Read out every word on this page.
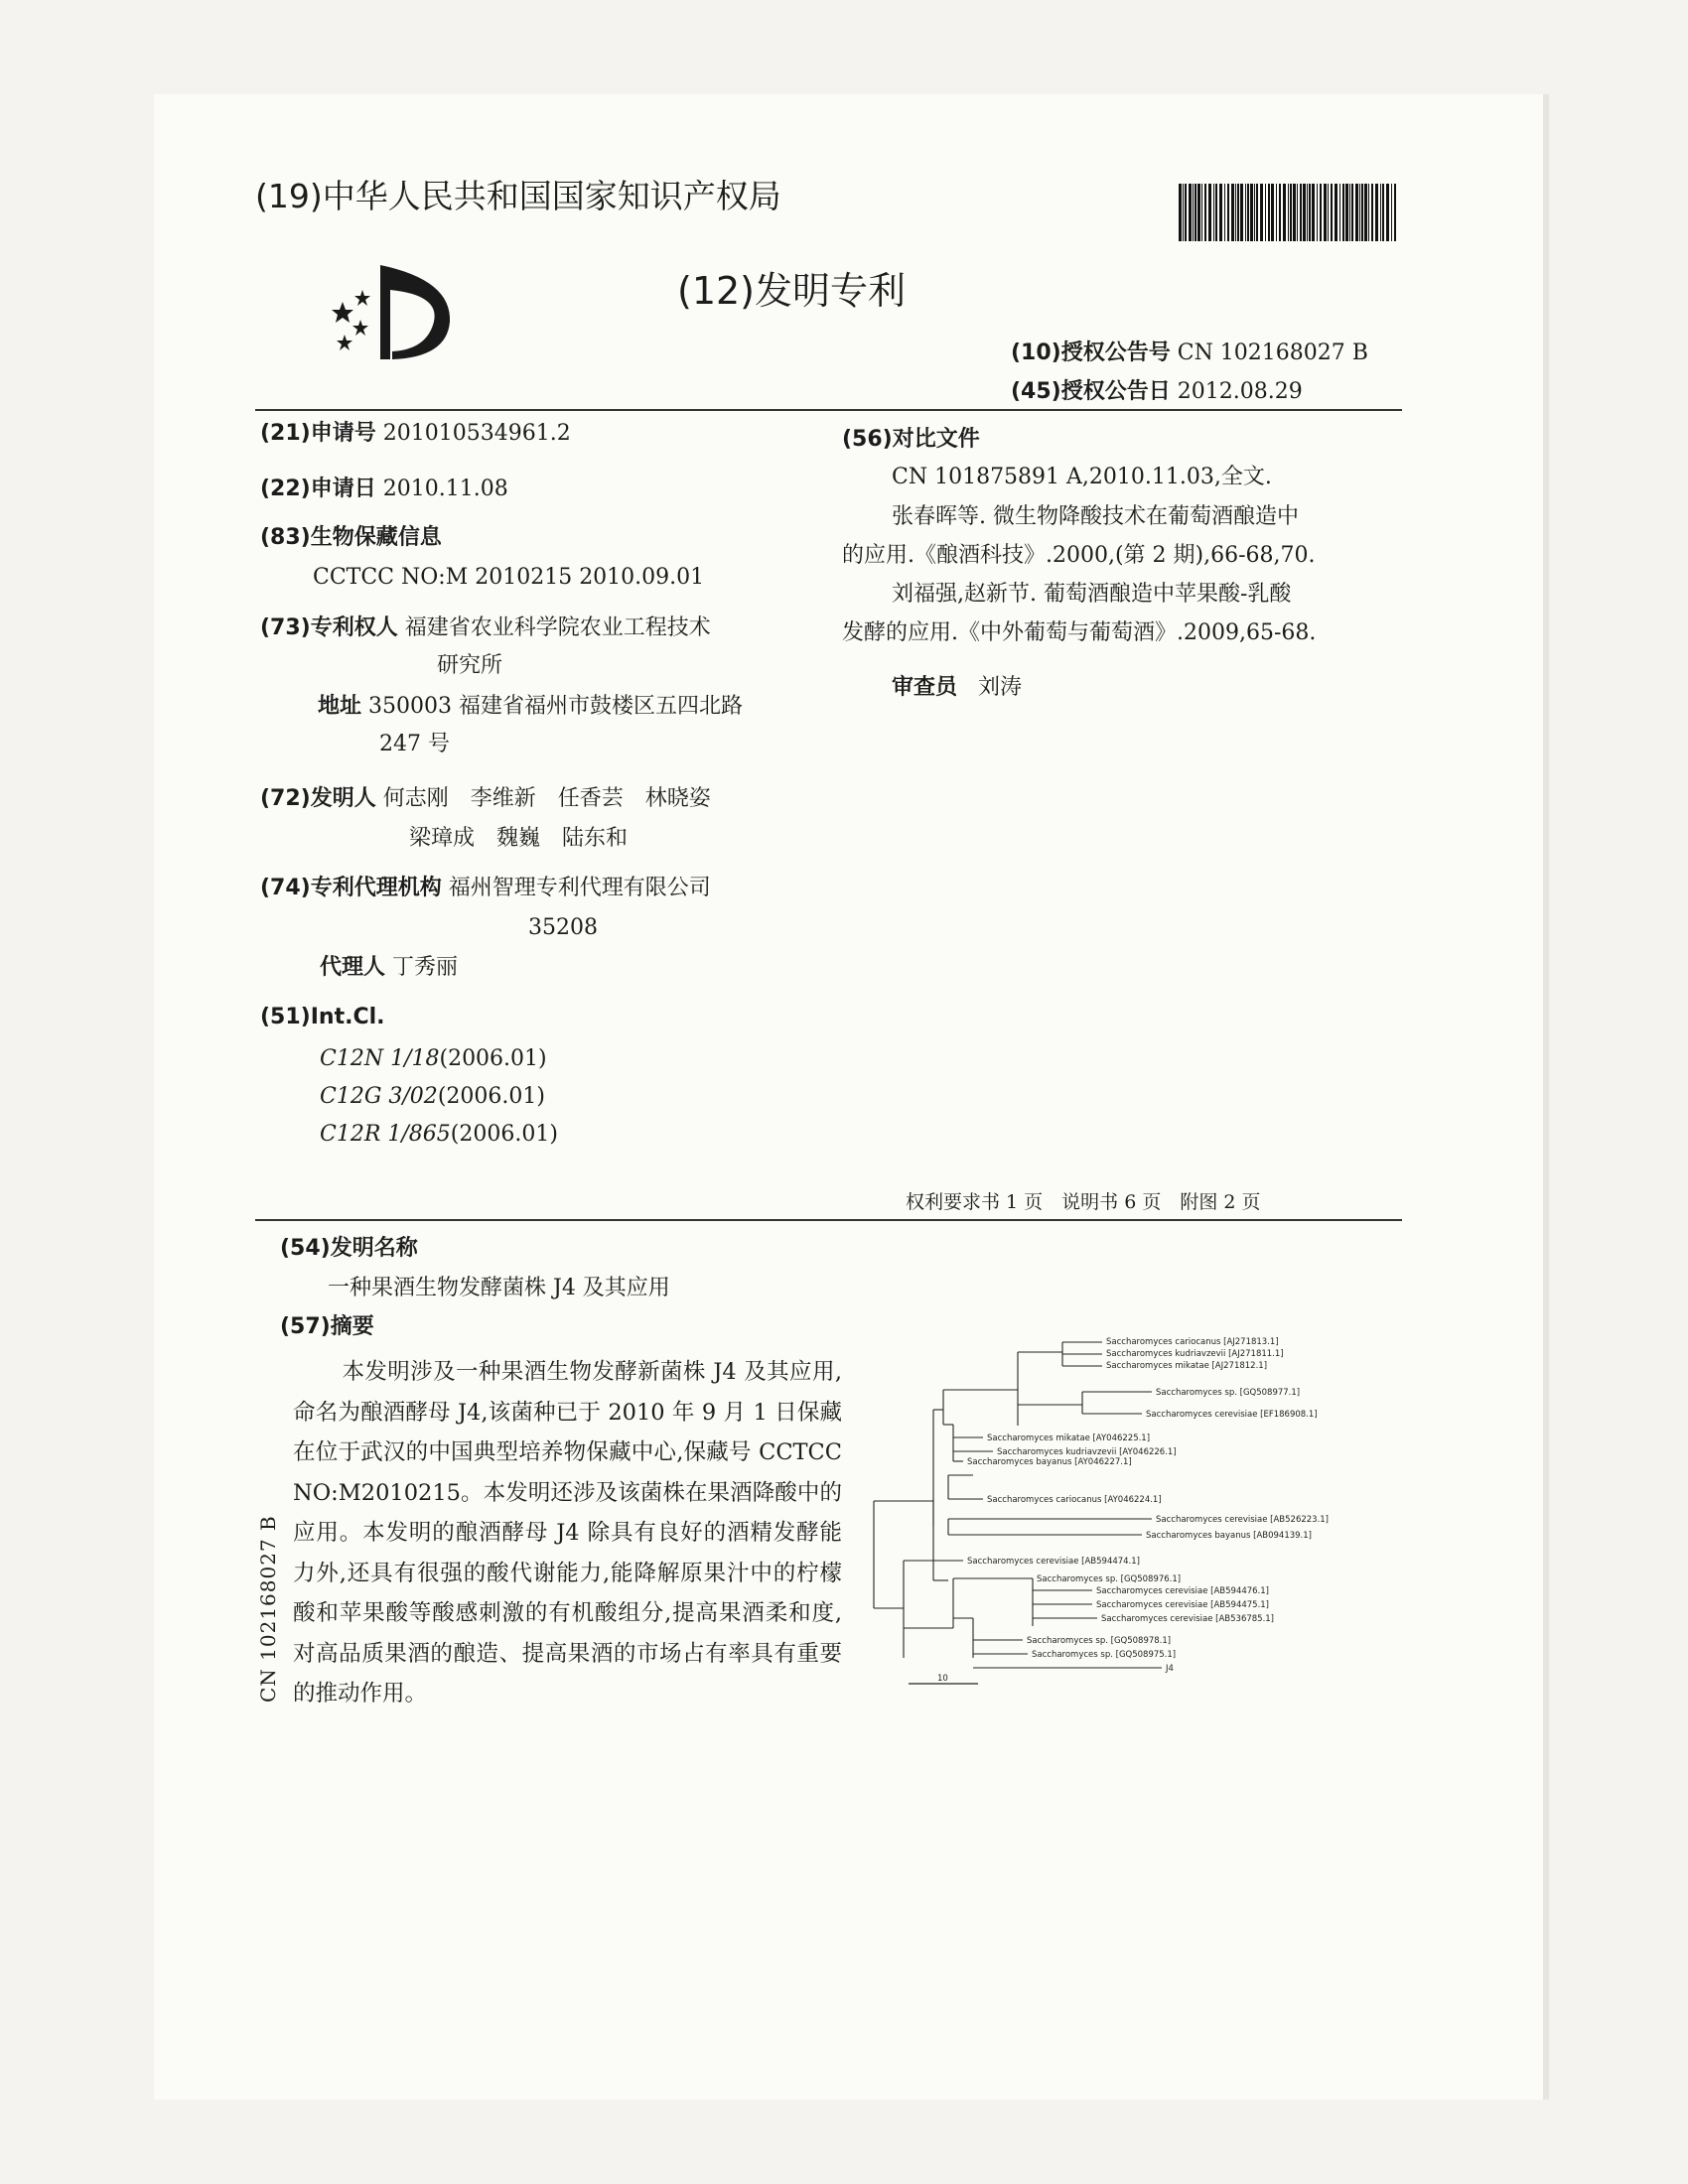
(19)中华人民共和国国家知识产权局
(12)发明专利
(10)授权公告号 CN 102168027 B
(45)授权公告日 2012.08.29
(21)申请号 201010534961.2
(22)申请日 2010.11.08
(83)生物保藏信息
CCTCC NO:M 2010215 2010.09.01
(73)专利权人 福建省农业科学院农业工程技术
研究所
地址 350003 福建省福州市鼓楼区五四北路
247 号
(72)发明人 何志刚　李维新　任香芸　林晓姿
梁璋成　魏巍　陆东和
(74)专利代理机构 福州智理专利代理有限公司
35208
代理人 丁秀丽
(51)Int.Cl.
C12N 1/18(2006.01)
C12G 3/02(2006.01)
C12R 1/865(2006.01)
(56)对比文件
CN 101875891 A,2010.11.03,全文.
张春晖等. 微生物降酸技术在葡萄酒酿造中
的应用.《酿酒科技》.2000,(第 2 期),66-68,70.
刘福强,赵新节. 葡萄酒酿造中苹果酸-乳酸
发酵的应用.《中外葡萄与葡萄酒》.2009,65-68.
审查员 刘涛
权利要求书 1 页　说明书 6 页　附图 2 页
(54)发明名称
一种果酒生物发酵菌株 J4 及其应用
(57)摘要
本发明涉及一种果酒生物发酵新菌株 J4 及其应用,命名为酿酒酵母 J4,该菌种已于 2010 年 9 月 1 日保藏在位于武汉的中国典型培养物保藏中心,保藏号 CCTCC NO:M2010215。本发明还涉及该菌株在果酒降酸中的应用。本发明的酿酒酵母 J4 除具有良好的酒精发酵能力外,还具有很强的酸代谢能力,能降解原果汁中的柠檬酸和苹果酸等酸感刺激的有机酸组分,提高果酒柔和度,对高品质果酒的酿造、提高果酒的市场占有率具有重要的推动作用。
Saccharomyces cariocanus [AJ271813.1]
Saccharomyces kudriavzevii [AJ271811.1]
Saccharomyces mikatae [AJ271812.1]
Saccharomyces sp. [GQ508977.1]
Saccharomyces cerevisiae [EF186908.1]
Saccharomyces mikatae [AY046225.1]
Saccharomyces kudriavzevii [AY046226.1]
Saccharomyces bayanus [AY046227.1]
Saccharomyces cariocanus [AY046224.1]
Saccharomyces cerevisiae [AB526223.1]
Saccharomyces bayanus [AB094139.1]
Saccharomyces cerevisiae [AB594474.1]
Saccharomyces sp. [GQ508976.1]
Saccharomyces cerevisiae [AB594476.1]
Saccharomyces cerevisiae [AB594475.1]
Saccharomyces cerevisiae [AB536785.1]
Saccharomyces sp. [GQ508978.1]
Saccharomyces sp. [GQ508975.1]
J4
10
CN 102168027 B
